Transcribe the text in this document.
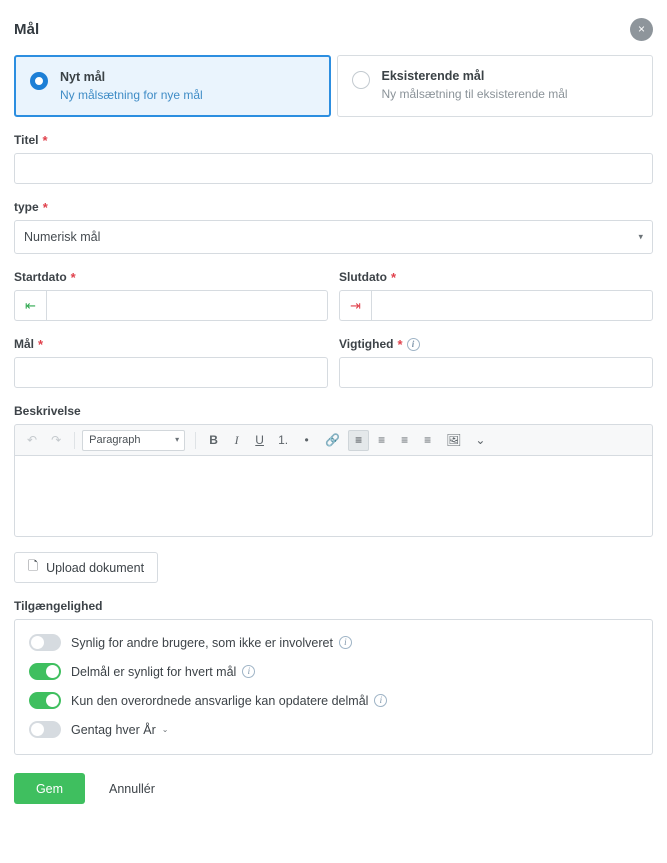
Mål	×
Nyt mål
Ny målsætning for nye mål
Eksisterende mål
Ny målsætning til eksisterende mål
Titel *
type *
Numerisk mål
▾
Startdato *
⇤
Slutdato *
⇥
Mål *	Vigtighed *	i
Beskrivelse
↶	↷
Paragraph	▾	B	I	U	1.	•	🔗	≡	≡	≡	≡	🖼	⌄
🗋 Upload dokument
Tilgængelighed
Synlig for andre brugere, som ikke er involveret	i
Delmål er synligt for hvert mål	i
Kun den overordnede ansvarlige kan opdatere delmål	i
Gentag hver År ⌄
Gem	Annullér
